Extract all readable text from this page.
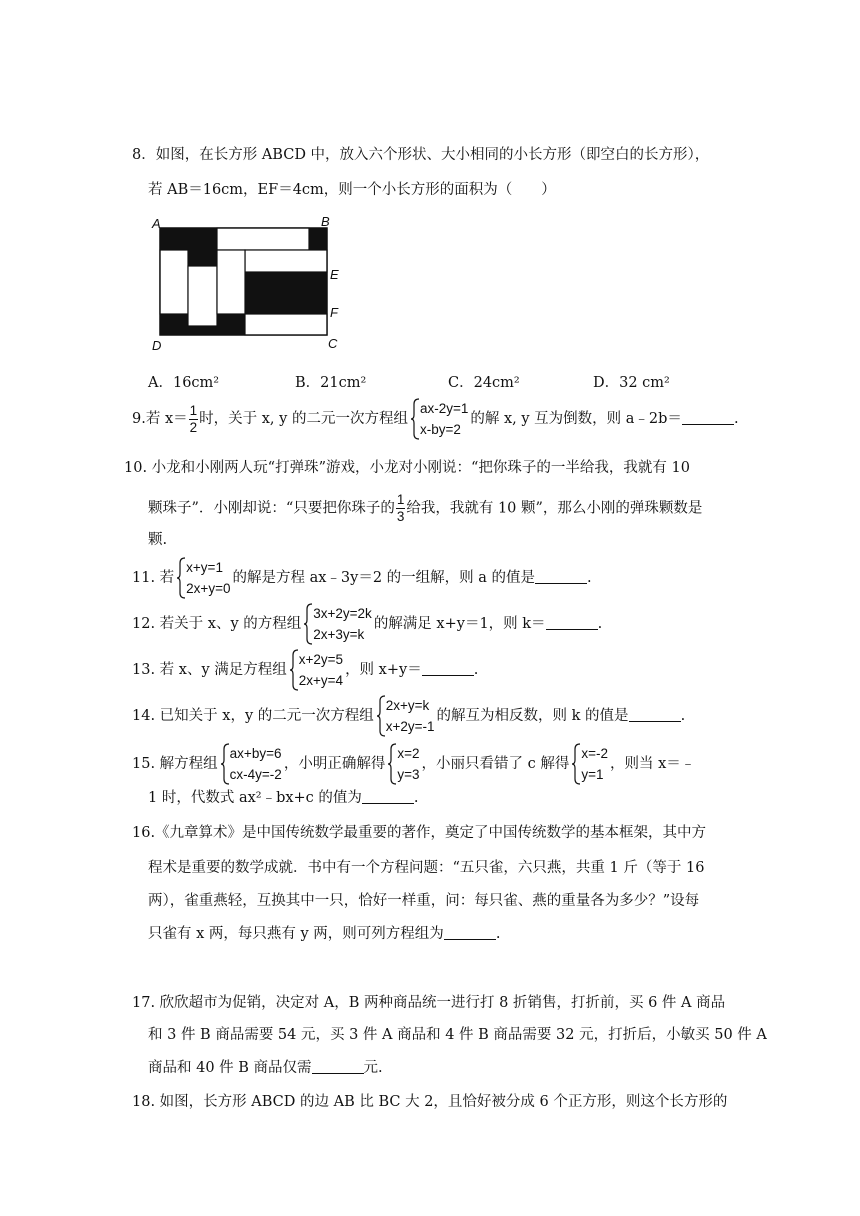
8．如图，在长方形 ABCD 中，放入六个形状、大小相同的小长方形（即空白的长方形），
若 AB＝16cm，EF＝4cm，则一个小长方形的面积为（　　）
A	B
E
F
C
D
A．16cm²	B．21cm²	C．24cm²	D．32 cm²
9.若 $x= \frac{1}{2}$ 时，关于 x, y 的二元一次方程组
ax-2y=1
x-by=2
的解 x, y 互为倒数，则 a﹣2b＝	.
10. 小龙和小刚两人玩“打弹珠”游戏，小龙对小刚说：“把你珠子的一半给我，我就有 10
颗珠子”．小刚却说：“只要把你珠子的 $\frac{1}{3}$ 给我，我就有 10 颗”，那么小刚的弹珠颗数是
颗.
11. 若
x+y=1
2x+y=0
的解是方程 ax﹣3y＝2 的一组解，则 a 的值是	.
12. 若关于 x、y 的方程组
3x+2y=2k
2x+3y=k
的解满足 x+y＝1，则 k＝	.
13. 若 x、y 满足方程组
x+2y=5
2x+y=4
，则 x+y＝	.
14. 已知关于 x，y 的二元一次方程组
2x+y=k
x+2y=-1
的解互为相反数，则 k 的值是	.
15. 解方程组
ax+by=6
cx-4y=-2
，小明正确解得
x=2
y=3
，小丽只看错了 c 解得
x=-2
y=1
，则当 x＝﹣
1 时，代数式 ax²﹣bx+c 的值为	.
16.《九章算术》是中国传统数学最重要的著作，奠定了中国传统数学的基本框架，其中方
程术是重要的数学成就．书中有一个方程问题：“五只雀，六只燕，共重 1 斤（等于 16
两），雀重燕轻，互换其中一只，恰好一样重，问：每只雀、燕的重量各为多少？”设每
只雀有 x 两，每只燕有 y 两，则可列方程组为	.
17. 欣欣超市为促销，决定对 A，B 两种商品统一进行打 8 折销售，打折前，买 6 件 A 商品
和 3 件 B 商品需要 54 元，买 3 件 A 商品和 4 件 B 商品需要 32 元，打折后，小敏买 50 件 A
商品和 40 件 B 商品仅需	元.
18. 如图，长方形 ABCD 的边 AB 比 BC 大 2，且恰好被分成 6 个正方形，则这个长方形的
